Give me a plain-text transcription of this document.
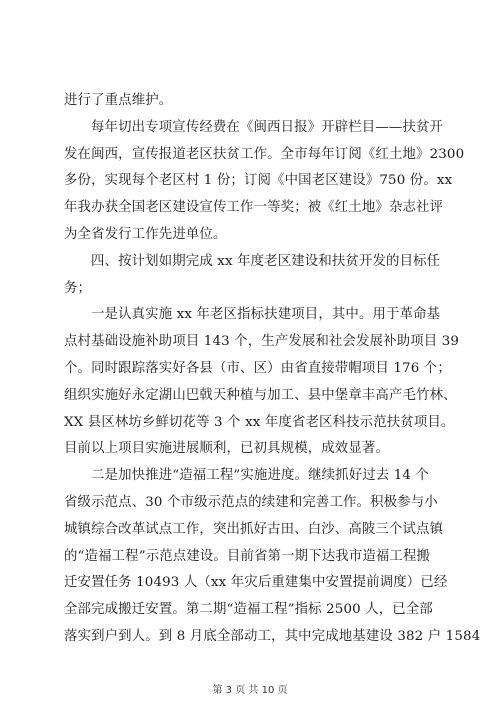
进行了重点维护。
每年切出专项宣传经费在《闽西日报》开辟栏目——扶贫开
发在闽西，宣传报道老区扶贫工作。全市每年订阅《红土地》2300
多份，实现每个老区村 1 份；订阅《中国老区建设》750 份。xx
年我办获全国老区建设宣传工作一等奖；被《红土地》杂志社评
为全省发行工作先进单位。
四、按计划如期完成 xx 年度老区建设和扶贫开发的目标任
务；
一是认真实施 xx 年老区指标扶建项目，其中。用于革命基
点村基础设施补助项目 143 个，生产发展和社会发展补助项目 39
个。同时跟踪落实好各县（市、区）由省直接带帽项目 176 个；
组织实施好永定湖山巴戟天种植与加工、县中堡章丰高产毛竹林、
XX 县区林坊乡鲜切花等 3 个 xx 年度省老区科技示范扶贫项目。
目前以上项目实施进展顺利，已初具规模，成效显著。
二是加快推进“造福工程”实施进度。继续抓好过去 14 个
省级示范点、30 个市级示范点的续建和完善工作。积极参与小
城镇综合改革试点工作，突出抓好古田、白沙、高陂三个试点镇
的“造福工程”示范点建设。目前省第一期下达我市造福工程搬
迁安置任务 10493 人（xx 年灾后重建集中安置提前调度）已经
全部完成搬迁安置。第二期“造福工程”指标 2500 人，已全部
落实到户到人。到 8 月底全部动工，其中完成地基建设 382 户 1584
第 3 页 共 10 页
